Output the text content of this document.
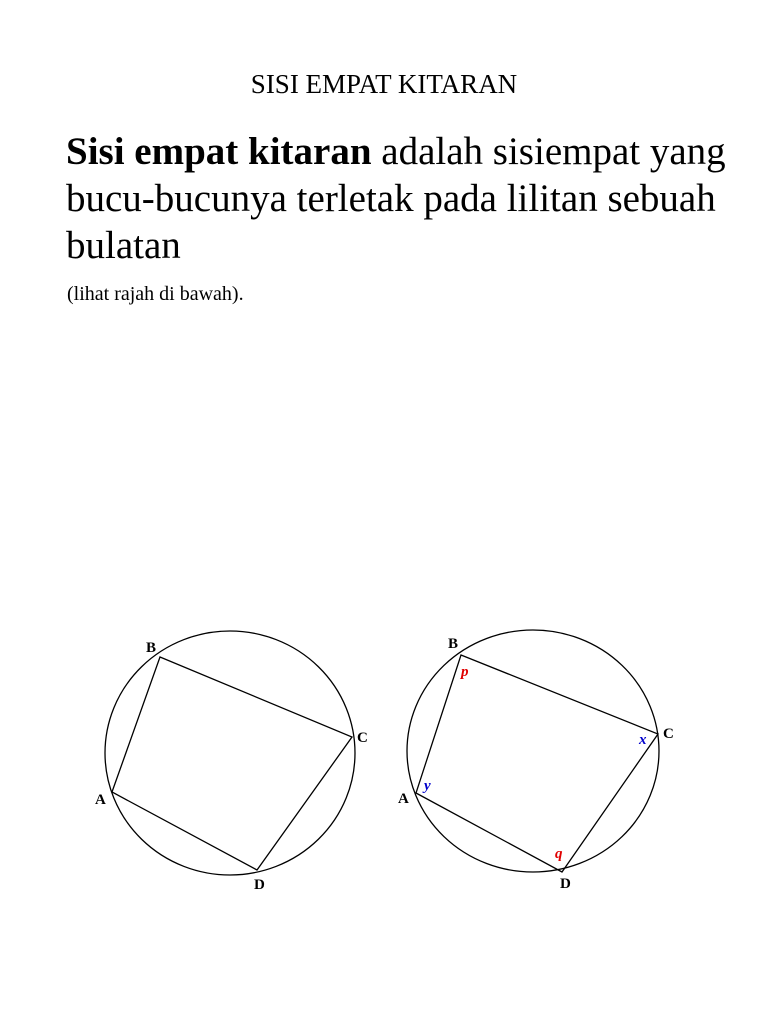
SISI EMPAT KITARAN

Sisi empat kitaran adalah sisiempat yang bucu-bucunya terletak pada lilitan sebuah bulatan

(lihat rajah di bawah).

B
C
D
A
B
C
D
A
p
x
y
q
